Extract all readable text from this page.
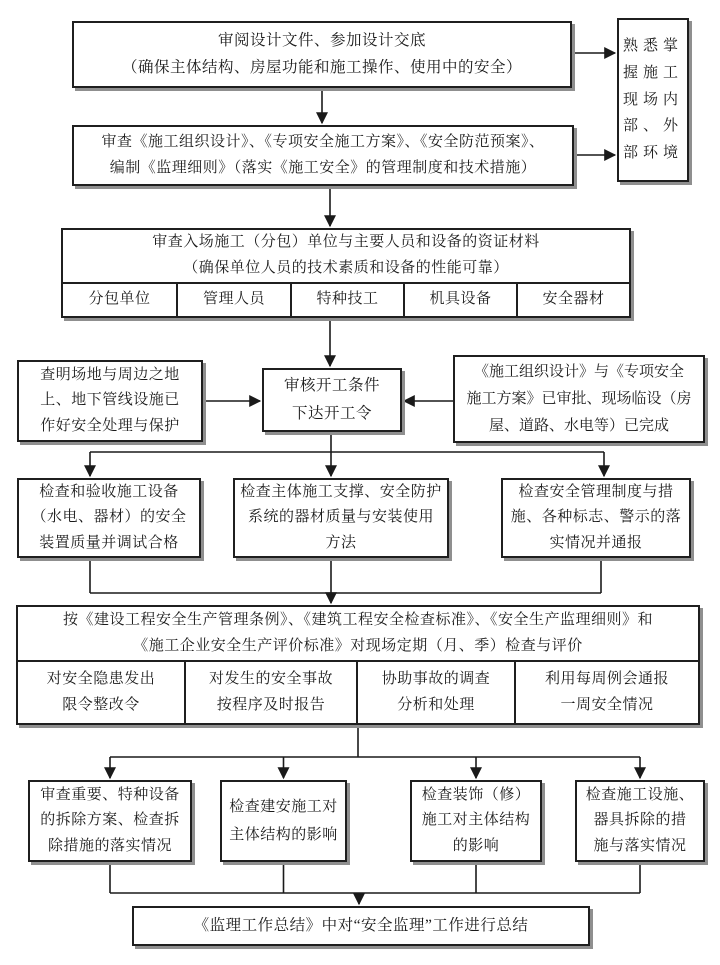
审阅设计文件、参加设计交底
（确保主体结构、房屋功能和施工操作、使用中的安全）
熟悉掌
握施工
现场内
部、外
部环境
审查《施工组织设计》、《专项安全施工方案》、《安全防范预案》、
编制《监理细则》（落实《施工安全》的管理制度和技术措施）
审查入场施工（分包）单位与主要人员和设备的资证材料
（确保单位人员的技术素质和设备的性能可靠）
分包单位	管理人员	特种技工	机具设备	安全器材
查明场地与周边之地
上、地下管线设施已
作好安全处理与保护
审核开工条件
下达开工令
《施工组织设计》与《专项安全
施工方案》已审批、现场临设（房
屋、道路、水电等）已完成
检查和验收施工设备
（水电、器材）的安全
装置质量并调试合格
检查主体施工支撑、安全防护
系统的器材质量与安装使用
方法
检查安全管理制度与措
施、各种标志、警示的落
实情况并通报
按《建设工程安全生产管理条例》、《建筑工程安全检查标准》、《安全生产监理细则》和
《施工企业安全生产评价标准》对现场定期（月、季）检查与评价
对安全隐患发出
限令整改令
对发生的安全事故
按程序及时报告
协助事故的调查
分析和处理
利用每周例会通报
一周安全情况
审查重要、特种设备
的拆除方案、检查拆
除措施的落实情况
检查建安施工对
主体结构的影响
检查装饰（修）
施工对主体结构
的影响
检查施工设施、
器具拆除的措
施与落实情况
《监理工作总结》中对“安全监理”工作进行总结
